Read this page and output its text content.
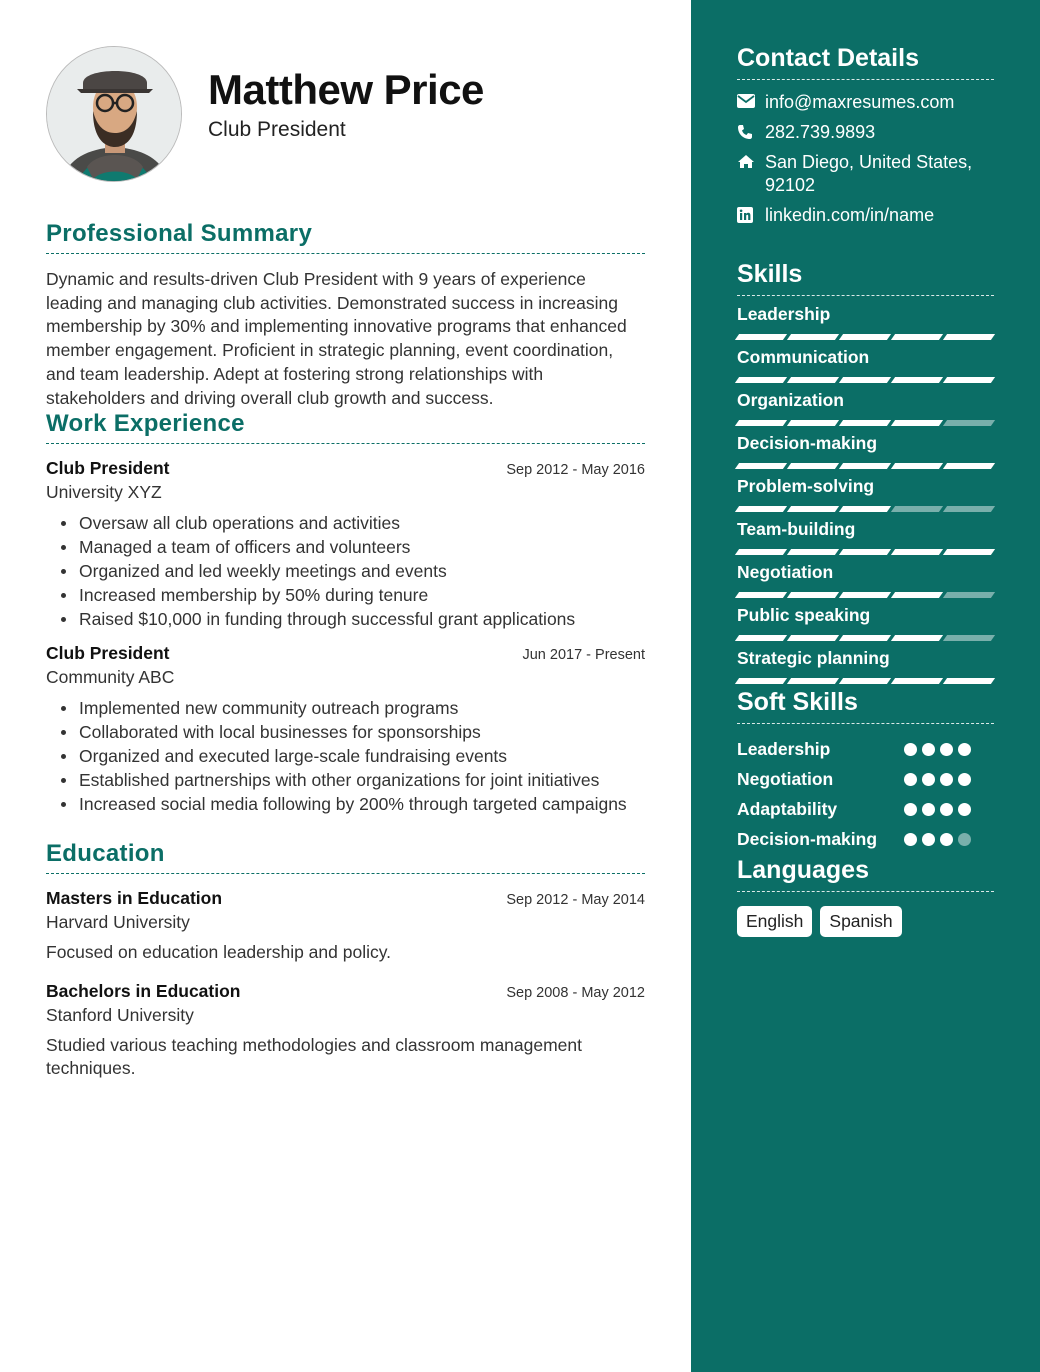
Matthew Price
Club President
Professional Summary
Dynamic and results-driven Club President with 9 years of experience leading and managing club activities. Demonstrated success in increasing membership by 30% and implementing innovative programs that enhanced member engagement. Proficient in strategic planning, event coordination, and team leadership. Adept at fostering strong relationships with stakeholders and driving overall club growth and success.
Work Experience
Club President	Sep 2012 - May 2016
University XYZ
Oversaw all club operations and activities
Managed a team of officers and volunteers
Organized and led weekly meetings and events
Increased membership by 50% during tenure
Raised $10,000 in funding through successful grant applications
Club President	Jun 2017 - Present
Community ABC
Implemented new community outreach programs
Collaborated with local businesses for sponsorships
Organized and executed large-scale fundraising events
Established partnerships with other organizations for joint initiatives
Increased social media following by 200% through targeted campaigns
Education
Masters in Education	Sep 2012 - May 2014
Harvard University
Focused on education leadership and policy.
Bachelors in Education	Sep 2008 - May 2012
Stanford University
Studied various teaching methodologies and classroom management techniques.
Contact Details
info@maxresumes.com
282.739.9893
San Diego, United States, 92102
linkedin.com/in/name
Skills
Leadership
Communication
Organization
Decision-making
Problem-solving
Team-building
Negotiation
Public speaking
Strategic planning
Soft Skills
Leadership
Negotiation
Adaptability
Decision-making
Languages
English	Spanish
